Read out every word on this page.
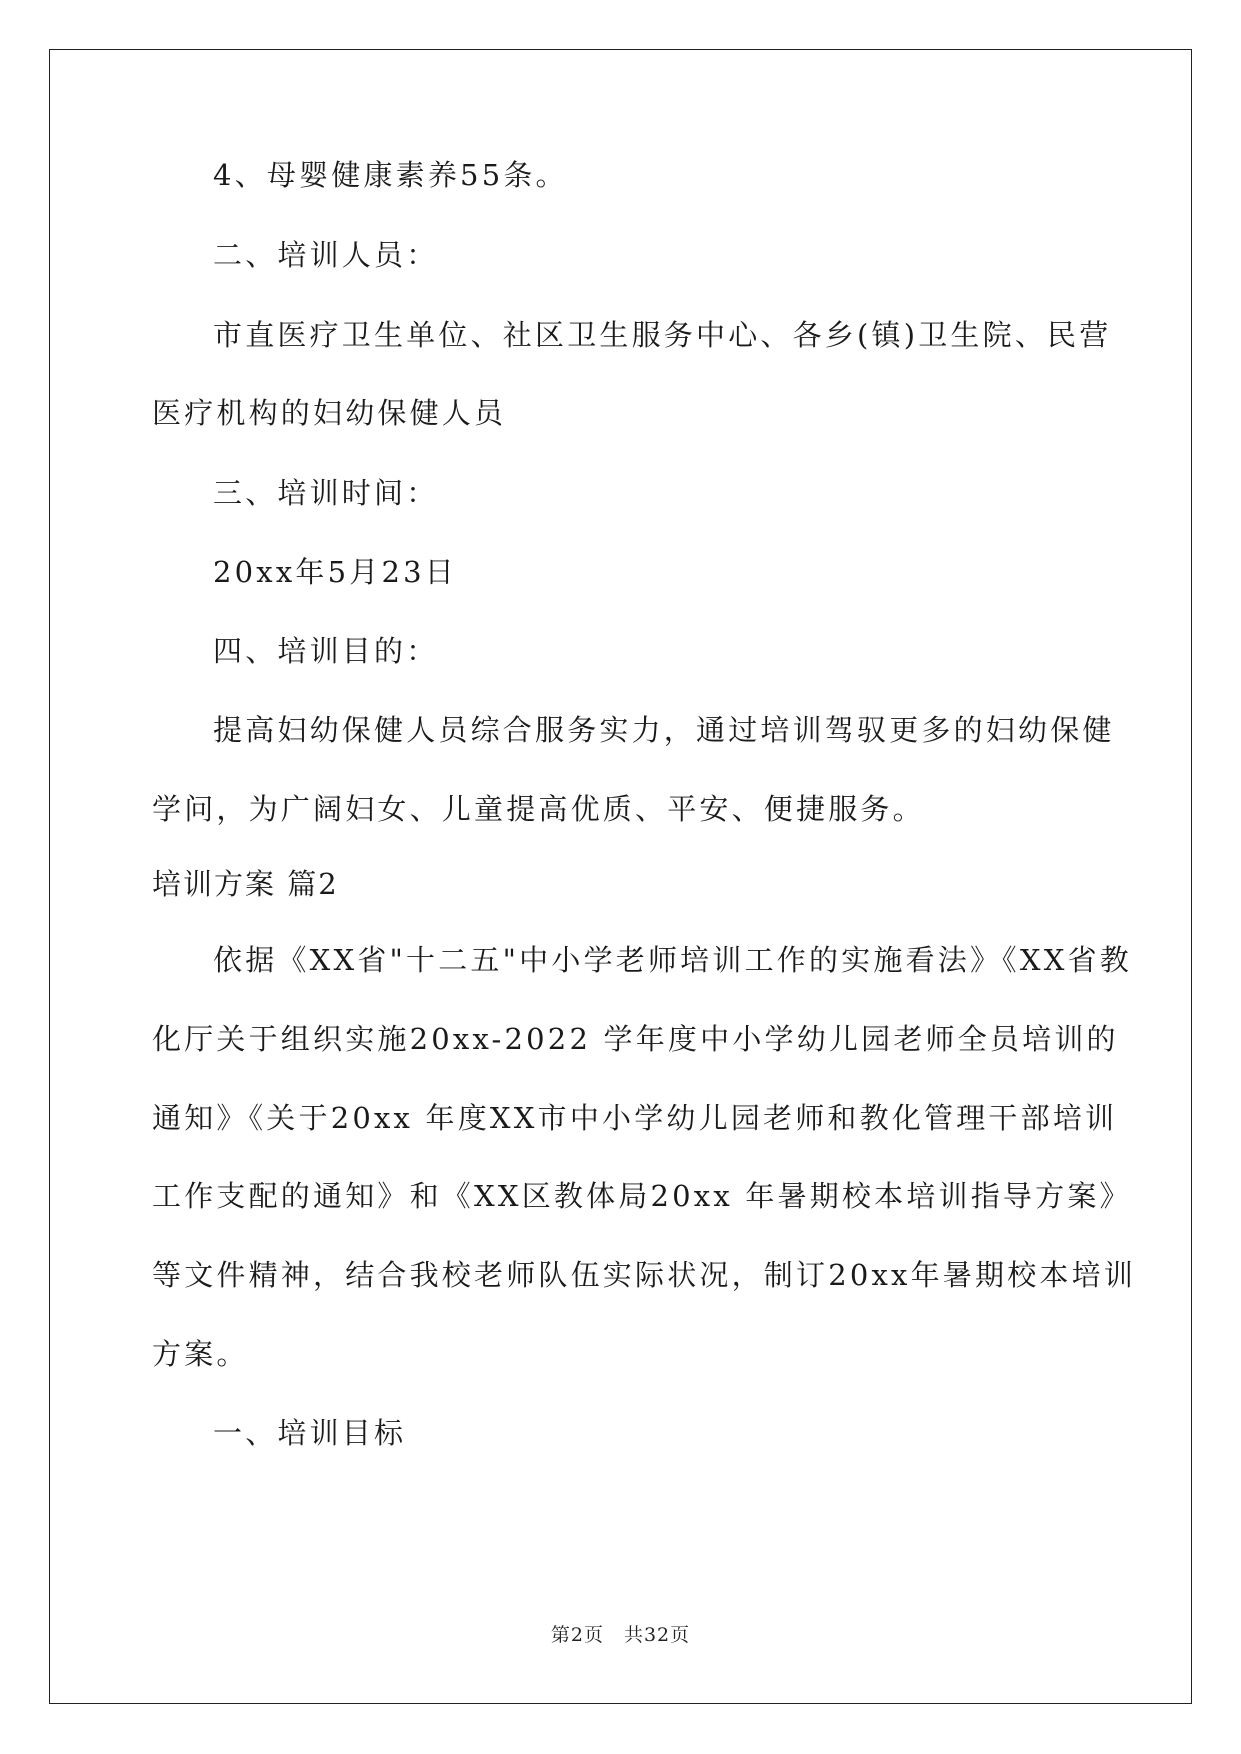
4、母婴健康素养55条。
二、培训人员：
市直医疗卫生单位、社区卫生服务中心、各乡(镇)卫生院、民营
医疗机构的妇幼保健人员
三、培训时间：
20xx年5月23日
四、培训目的：
提高妇幼保健人员综合服务实力，通过培训驾驭更多的妇幼保健
学问，为广阔妇女、儿童提高优质、平安、便捷服务。
培训方案 篇2
依据《XX省"十二五"中小学老师培训工作的实施看法》《XX省教
化厅关于组织实施20xx-2022 学年度中小学幼儿园老师全员培训的
通知》《关于20xx 年度XX市中小学幼儿园老师和教化管理干部培训
工作支配的通知》和《XX区教体局20xx 年暑期校本培训指导方案》
等文件精神，结合我校老师队伍实际状况，制订20xx年暑期校本培训
方案。
一、培训目标
第2页　共32页
